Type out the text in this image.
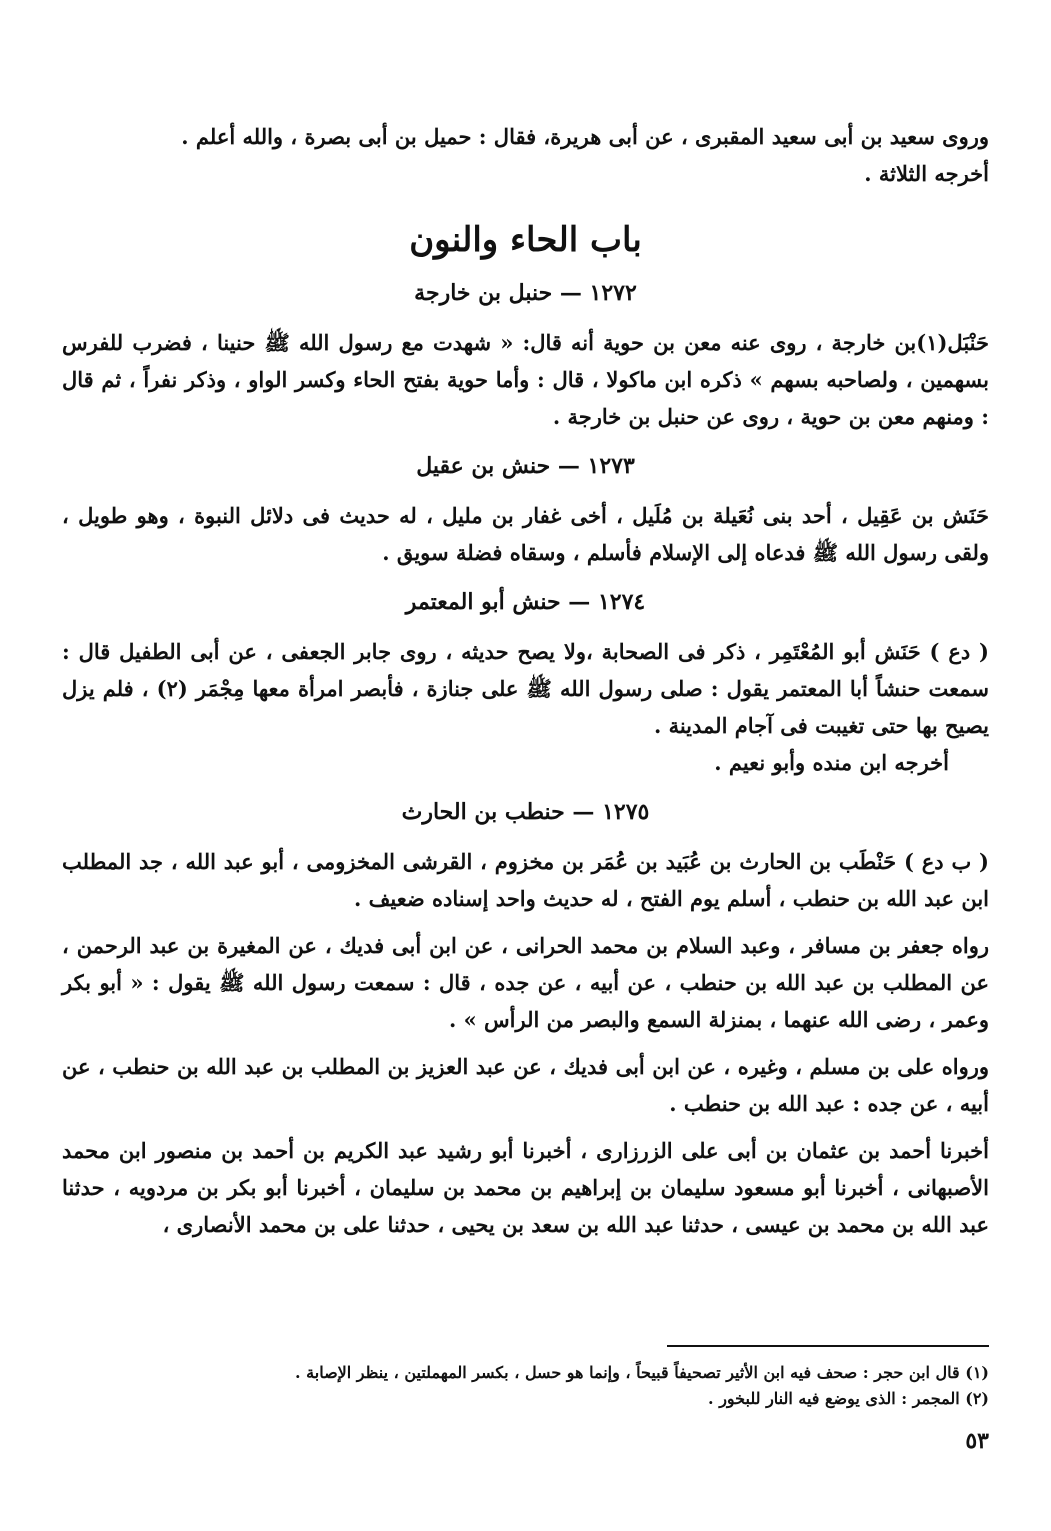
وروى سعيد بن أبى سعيد المقبرى ، عن أبى هريرة، فقال : حميل بن أبى بصرة ، والله أعلم .
أخرجه الثلاثة .

باب الحاء والنون
١٢٧٢ — حنبل بن خارجة

حَنْبَل(١)بن خارجة ، روى عنه معن بن حوية أنه قال: « شهدت مع رسول الله ﷺ حنينا ، فضرب للفرس بسهمين ، ولصاحبه بسهم » ذكره ابن ماكولا ، قال : وأما حوية بفتح الحاء وكسر الواو ، وذكر نفراً ، ثم قال : ومنهم معن بن حوية ، روى عن حنبل بن خارجة .

١٢٧٣ — حنش بن عقيل

حَنَش بن عَقِيل ، أحد بنى نُعَيلة بن مُلَيل ، أخى غفار بن مليل ، له حديث فى دلائل النبوة ، وهو طويل ، ولقى رسول الله ﷺ فدعاه إلى الإسلام فأسلم ، وسقاه فضلة سويق .

١٢٧٤ — حنش أبو المعتمر

( دع ) حَنَش أبو المُعْتَمِر ، ذكر فى الصحابة ،ولا يصح حديثه ، روى جابر الجعفى ، عن أبى الطفيل قال : سمعت حنشاً أبا المعتمر يقول : صلى رسول الله ﷺ على جنازة ، فأبصر امرأة معها مِجْمَر (٢) ، فلم يزل يصيح بها حتى تغيبت فى آجام المدينة .

أخرجه ابن منده وأبو نعيم .

١٢٧٥ — حنطب بن الحارث

( ب دع ) حَنْطَب بن الحارث بن عُبَيد بن عُمَر بن مخزوم ، القرشى المخزومى ، أبو عبد الله ، جد المطلب ابن عبد الله بن حنطب ، أسلم يوم الفتح ، له حديث واحد إسناده ضعيف .

رواه جعفر بن مسافر ، وعبد السلام بن محمد الحرانى ، عن ابن أبى فديك ، عن المغيرة بن عبد الرحمن ، عن المطلب بن عبد الله بن حنطب ، عن أبيه ، عن جده ، قال : سمعت رسول الله ﷺ يقول : « أبو بكر وعمر ، رضى الله عنهما ، بمنزلة السمع والبصر من الرأس » .

ورواه على بن مسلم ، وغيره ، عن ابن أبى فديك ، عن عبد العزيز بن المطلب بن عبد الله بن حنطب ، عن أبيه ، عن جده : عبد الله بن حنطب .

أخبرنا أحمد بن عثمان بن أبى على الزرزارى ، أخبرنا أبو رشيد عبد الكريم بن أحمد بن منصور ابن محمد الأصبهانى ، أخبرنا أبو مسعود سليمان بن إبراهيم بن محمد بن سليمان ، أخبرنا أبو بكر بن مردويه ، حدثنا عبد الله بن محمد بن عيسى ، حدثنا عبد الله بن سعد بن يحيى ، حدثنا على بن محمد الأنصارى ،

(١) قال ابن حجر : صحف فيه ابن الأثير تصحيفاً قبيحاً ، وإنما هو حسل ، بكسر المهملتين ، ينظر الإصابة .

(٢) المجمر : الذى يوضع فيه النار للبخور .

٥٣
